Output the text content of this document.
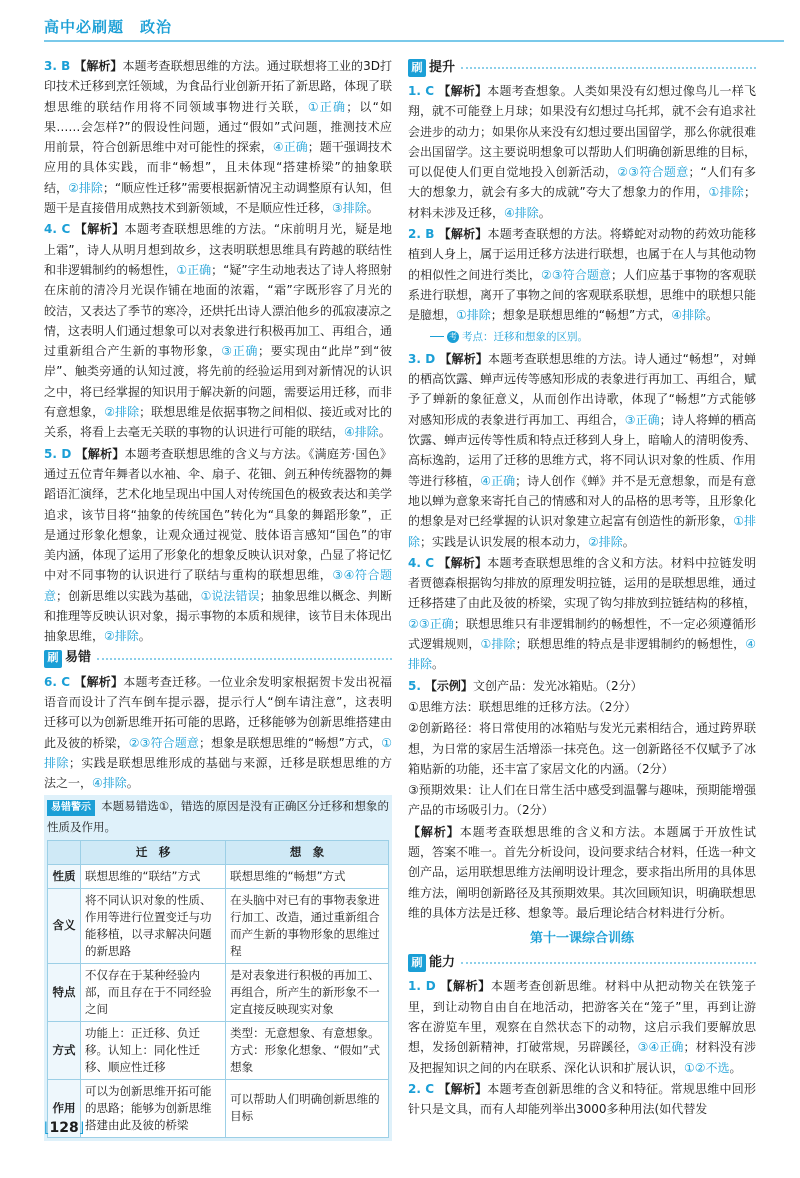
高中必刷题　 政治

3. B 【解析】本题考查联想思维的方法。通过联想将工业的3D打印技术迁移到烹饪领域，为食品行业创新开拓了新思路，体现了联想思维的联结作用将不同领域事物进行关联，①正确；以“如果……会怎样?”的假设性问题，通过“假如”式问题，推测技术应用前景，符合创新思维中对可能性的探索，④正确；题干强调技术应用的具体实践，而非“畅想”，且未体现“搭建桥梁”的抽象联结，②排除；“顺应性迁移”需要根据新情况主动调整原有认知，但题干是直接借用成熟技术到新领域，不是顺应性迁移，③排除。

4. C 【解析】本题考查联想思维的方法。“床前明月光，疑是地上霜”，诗人从明月想到故乡，这表明联想思维具有跨越的联结性和非逻辑制约的畅想性，①正确；“疑”字生动地表达了诗人将照射在床前的清冷月光误作铺在地面的浓霜，“霜”字既形容了月光的皎洁，又表达了季节的寒冷，还烘托出诗人漂泊他乡的孤寂凄凉之情，这表明人们通过想象可以对表象进行积极再加工、再组合，通过重新组合产生新的事物形象，③正确；要实现由“此岸”到“彼岸”、触类旁通的认知过渡，将先前的经验运用到对新情况的认识之中，将已经掌握的知识用于解决新的问题，需要运用迁移，而非有意想象，②排除；联想思维是依据事物之间相似、接近或对比的关系，将看上去毫无关联的事物的认识进行可能的联结，④排除。

5. D 【解析】本题考查联想思维的含义与方法。《满庭芳·国色》通过五位青年舞者以水袖、伞、扇子、花钿、剑五种传统器物的舞蹈语汇演绎，艺术化地呈现出中国人对传统国色的极致表达和美学追求，该节目将“抽象的传统国色”转化为“具象的舞蹈形象”，正是通过形象化想象，让观众通过视觉、肢体语言感知“国色”的审美内涵，体现了运用了形象化的想象反映认识对象，凸显了将记忆中对不同事物的认识进行了联结与重构的联想思维，③④符合题意；创新思维以实践为基础，①说法错误；抽象思维以概念、判断和推理等反映认识对象，揭示事物的本质和规律，该节目未体现出抽象思维，②排除。

刷 易错

6. C 【解析】本题考查迁移。一位业余发明家根据贺卡发出祝福语音而设计了汽车倒车提示器，提示行人“倒车请注意”，这表明迁移可以为创新思维开拓可能的思路，迁移能够为创新思维搭建由此及彼的桥梁，②③符合题意；想象是联想思维的“畅想”方式，①排除；实践是联想思维形成的基础与来源，迁移是联想思维的方法之一，④排除。

易错警示 本题易错选①，错选的原因是没有正确区分迁移和想象的性质及作用。
	迁　移	想　象
性质	联想思维的“联结”方式	联想思维的“畅想”方式
含义	将不同认识对象的性质、作用等进行位置变迁与功能移植，以寻求解决问题的新思路	在头脑中对已有的事物表象进行加工、改造，通过重新组合而产生新的事物形象的思维过程
特点	不仅存在于某种经验内部，而且存在于不同经验之间	是对表象进行积极的再加工、再组合，所产生的新形象不一定直接反映现实对象
方式	功能上：正迁移、负迁移。认知上：同化性迁移、顺应性迁移	类型：无意想象、有意想象。方式：形象化想象、“假如”式想象
作用	可以为创新思维开拓可能的思路；能够为创新思维搭建由此及彼的桥梁	可以帮助人们明确创新思维的目标
刷 提升

1. C 【解析】本题考查想象。人类如果没有幻想过像鸟儿一样飞翔，就不可能登上月球；如果没有幻想过乌托邦，就不会有追求社会进步的动力；如果你从来没有幻想过要出国留学，那么你就很难会出国留学。这主要说明想象可以帮助人们明确创新思维的目标，可以促使人们更自觉地投入创新活动，②③符合题意；“人们有多大的想象力，就会有多大的成就”夸大了想象力的作用，①排除；材料未涉及迁移，④排除。

2. B 【解析】本题考查联想的方法。将蟒蛇对动物的药效功能移植到人身上，属于运用迁移方法进行联想，也属于在人与其他动物的相似性之间进行类比，②③符合题意；人们应基于事物的客观联系进行联想，离开了事物之间的客观联系联想，思维中的联想只能是臆想，①排除；想象是联想思维的“畅想”方式，④排除。

考 考点：迁移和想象的区别。

3. D 【解析】本题考查联想思维的方法。诗人通过“畅想”，对蝉的栖高饮露、蝉声远传等感知形成的表象进行再加工、再组合，赋予了蝉新的象征意义，从而创作出诗歌，体现了“畅想”方式能够对感知形成的表象进行再加工、再组合，③正确；诗人将蝉的栖高饮露、蝉声远传等性质和特点迁移到人身上，暗喻人的清明俊秀、高标逸韵，运用了迁移的思维方式，将不同认识对象的性质、作用等进行移植，④正确；诗人创作《蝉》并不是无意想象，而是有意地以蝉为意象来寄托自己的情感和对人的品格的思考等，且形象化的想象是对已经掌握的认识对象建立起富有创造性的新形象，①排除；实践是认识发展的根本动力，②排除。

4. C 【解析】本题考查联想思维的含义和方法。材料中拉链发明者贾德森根据钩匀排放的原理发明拉链，运用的是联想思维，通过迁移搭建了由此及彼的桥梁，实现了钩匀排放到拉链结构的移植，②③正确；联想思维只有非逻辑制约的畅想性，不一定必须遵循形式逻辑规则，①排除；联想思维的特点是非逻辑制约的畅想性，④排除。

5. 【示例】文创产品：发光冰箱贴。（2分）

①思维方法：联想思维的迁移方法。（2分）

②创新路径：将日常使用的冰箱贴与发光元素相结合，通过跨界联想，为日常的家居生活增添一抹亮色。这一创新路径不仅赋予了冰箱贴新的功能，还丰富了家居文化的内涵。（2分）

③预期效果：让人们在日常生活中感受到温馨与趣味，预期能增强产品的市场吸引力。（2分）

【解析】本题考查联想思维的含义和方法。本题属于开放性试题，答案不唯一。首先分析设问，设问要求结合材料，任选一种文创产品，运用联想思维方法阐明设计理念，要求指出所用的具体思维方法，阐明创新路径及其预期效果。其次回顾知识，明确联想思维的具体方法是迁移、想象等。最后理论结合材料进行分析。

第十一课综合训练
刷 能力

1. D 【解析】本题考查创新思维。材料中从把动物关在铁笼子里，到让动物自由自在地活动，把游客关在“笼子”里，再到让游客在游览车里，观察在自然状态下的动物，这启示我们要解放思想，发扬创新精神，打破常规，另辟蹊径，③④正确；材料没有涉及把握知识之间的内在联系、深化认识和扩展认识，①②不选。

2. C 【解析】本题考查创新思维的含义和特征。常规思维中回形针只是文具，而有人却能列举出3000多种用法(如代替发

⌊128⌋
